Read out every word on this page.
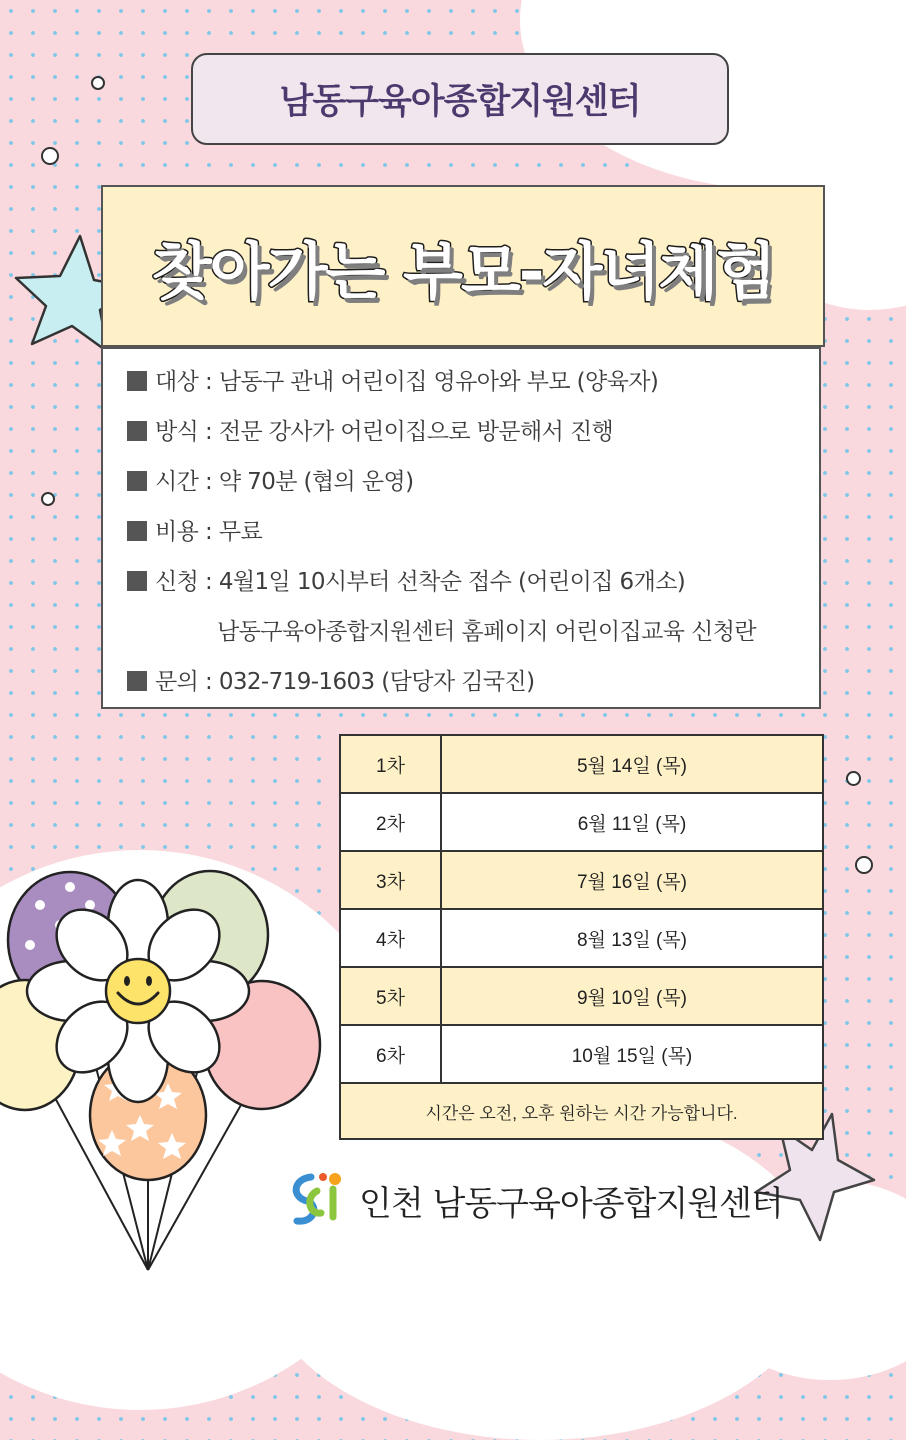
남동구육아종합지원센터
찾아가는 부모-자녀체험
대상 : 남동구 관내 어린이집 영유아와 부모 (양육자)
방식 : 전문 강사가 어린이집으로 방문해서 진행
시간 : 약 70분 (협의 운영)
비용 : 무료
신청 : 4월1일 10시부터 선착순 접수 (어린이집 6개소)
남동구육아종합지원센터 홈페이지 어린이집교육 신청란
문의 : 032-719-1603 (담당자 김국진)
1차	5월 14일 (목)
2차	6월 11일 (목)
3차	7월 16일 (목)
4차	8월 13일 (목)
5차	9월 10일 (목)
6차	10월 15일 (목)
시간은 오전, 오후 원하는 시간 가능합니다.	
인천 남동구육아종합지원센터
